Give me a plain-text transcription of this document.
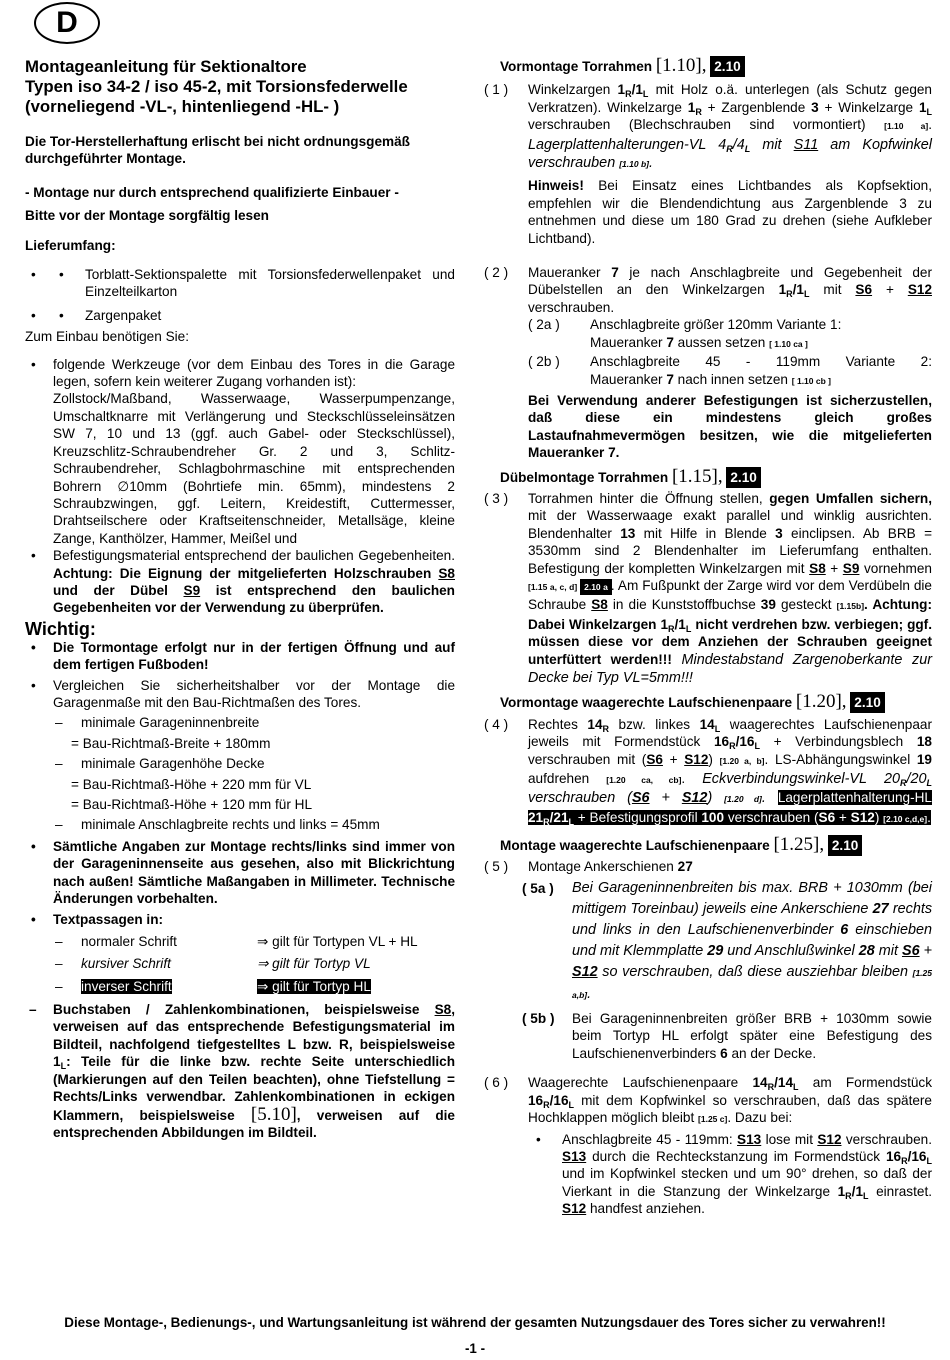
D
Montageanleitung für Sektionaltore
Typen iso 34-2 / iso 45-2, mit Torsionsfederwelle
(vorneliegend -VL-, hintenliegend -HL- )
Die Tor-Herstellerhaftung erlischt bei nicht ordnungsgemäß durchgeführter Montage.
- Montage nur durch entsprechend qualifizierte Einbauer -
Bitte vor der Montage sorgfältig lesen
Lieferumfang:
• • Torblatt-Sektionspalette mit Torsionsfederwellenpaket und Einzelteilkarton
• • Zargenpaket
Zum Einbau benötigen Sie:
• folgende Werkzeuge (vor dem Einbau des Tores in die Garage legen, sofern kein weiterer Zugang vorhanden ist):
Zollstock/Maßband, Wasserwaage, Wasserpumpenzange, Umschaltknarre mit Verlängerung und Steckschlüsseleinsätzen SW 7, 10 und 13 (ggf. auch Gabel- oder Steckschlüssel), Kreuzschlitz-Schraubendreher Gr. 2 und 3, Schlitz-Schraubendreher, Schlagbohrmaschine mit entsprechenden Bohrern ∅10mm (Bohrtiefe min. 65mm), mindestens 2 Schraubzwingen, ggf. Leitern, Kreidestift, Cuttermesser, Drahtseilschere oder Kraftseitenschneider, Metallsäge, kleine Zange, Kanthölzer, Hammer, Meißel und
• Befestigungsmaterial entsprechend der baulichen Gegebenheiten. Achtung: Die Eignung der mitgelieferten Holzschrauben S8 und der Dübel S9 ist entsprechend den baulichen Gegebenheiten vor der Verwendung zu überprüfen.
Wichtig:
• Die Tormontage erfolgt nur in der fertigen Öffnung und auf dem fertigen Fußboden!
• Vergleichen Sie sicherheitshalber vor der Montage die Garagenmaße mit den Bau-Richtmaßen des Tores.
– minimale Garageninnenbreite
= Bau-Richtmaß-Breite + 180mm
– minimale Garagenhöhe Decke
= Bau-Richtmaß-Höhe + 220 mm für VL
= Bau-Richtmaß-Höhe + 120 mm für HL
– minimale Anschlagbreite rechts und links = 45mm
• Sämtliche Angaben zur Montage rechts/links sind immer von der Garageninnenseite aus gesehen, also mit Blickrichtung nach außen! Sämtliche Maßangaben in Millimeter. Technische Änderungen vorbehalten.
• Textpassagen in:
– normaler Schrift	⇒ gilt für Tortypen VL + HL
– kursiver Schrift	⇒ gilt für Tortyp VL
– inverser Schrift	⇒ gilt für Tortyp HL
– Buchstaben / Zahlenkombinationen, beispielsweise S8, verweisen auf das entsprechende Befestigungsmaterial im Bildteil, nachfolgend tiefgestelltes L bzw. R, beispielsweise $1_L$: Teile für die linke bzw. rechte Seite unterschiedlich (Markierungen auf den Teilen beachten), ohne Tiefstellung = Rechts/Links verwendbar. Zahlenkombinationen in eckigen Klammern, beispielsweise [5.10], verweisen auf die entsprechenden Abbildungen im Bildteil.
Vormontage Torrahmen [1.10], 2.10
( 1 ) Winkelzargen $1_R/1_L$ mit Holz o.ä. unterlegen (als Schutz gegen Verkratzen). Winkelzarge $1_R$ + Zargenblende 3 + Winkelzarge $1_L$ verschrauben (Blechschrauben sind vormontiert) [1.10 a]. Lagerplattenhalterungen-VL $4_R/4_L$ mit S11 am Kopfwinkel verschrauben [1.10 b].
Hinweis! Bei Einsatz eines Lichtbandes als Kopfsektion, empfehlen wir die Blendendichtung aus Zargenblende 3 zu entnehmen und diese um 180 Grad zu drehen (siehe Aufkleber Lichtband).
( 2 ) Maueranker 7 je nach Anschlagbreite und Gegebenheit der Dübelstellen an den Winkelzargen $1_R/1_L$ mit S6 + S12 verschrauben.
( 2a ) Anschlagbreite größer 120mm Variante 1:
Maueranker 7 aussen setzen [ 1.10 ca ]
( 2b ) Anschlagbreite 45 - 119mm Variante 2:
Maueranker 7 nach innen setzen [ 1.10 cb ]
Bei Verwendung anderer Befestigungen ist sicherzustellen, daß diese ein mindestens gleich großes Lastaufnahmevermögen besitzen, wie die mitgelieferten Maueranker 7.
Dübelmontage Torrahmen [1.15], 2.10
( 3 ) Torrahmen hinter die Öffnung stellen, gegen Umfallen sichern, mit der Wasserwaage exakt parallel und winklig ausrichten. Blendenhalter 13 mit Hilfe in Blende 3 einclipsen. Ab BRB = 3530mm sind 2 Blendenhalter im Lieferumfang enthalten. Befestigung der kompletten Winkelzargen mit S8 + S9 vornehmen [1.15 a, c, d] 2.10 a . Am Fußpunkt der Zarge wird vor dem Verdübeln die Schraube S8 in die Kunststoffbuchse 39 gesteckt [1.15b]. Achtung: Dabei Winkelzargen $1_R/1_L$ nicht verdrehen bzw. verbiegen; ggf. müssen diese vor dem Anziehen der Schrauben geeignet unterfüttert werden!!! Mindestabstand Zargenoberkante zur Decke bei Typ VL=5mm!!!
Vormontage waagerechte Laufschienenpaare [1.20], 2.10
( 4 ) Rechtes $14_R$ bzw. linkes $14_L$ waagerechtes Laufschienenpaar jeweils mit Formendstück $16_R/16_L$ + Verbindungsblech 18 verschrauben mit (S6 + S12) [1.20 a, b]. LS-Abhängungswinkel 19 aufdrehen [1.20 ca, cb]. Eckverbindungswinkel-VL $20_R/20_L$ verschrauben (S6 + S12) [1.20 d]. Lagerplattenhalterung-HL $21_R/21_L$ + Befestigungsprofil 100 verschrauben (S6 + S12) [2.10 c,d,e].
Montage waagerechte Laufschienenpaare [1.25], 2.10
( 5 ) Montage Ankerschienen 27
( 5a ) Bei Garageninnenbreiten bis max. BRB + 1030mm (bei mittigem Toreinbau) jeweils eine Ankerschiene 27 rechts und links in den Laufschienenverbinder 6 einschieben und mit Klemmplatte 29 und Anschlußwinkel 28 mit S6 + S12 so verschrauben, daß diese ausziehbar bleiben [1.25 a,b].
( 5b ) Bei Garageninnenbreiten größer BRB + 1030mm sowie beim Tortyp HL erfolgt später eine Befestigung des Laufschienenverbinders 6 an der Decke.
( 6 ) Waagerechte Laufschienenpaare $14_R/14_L$ am Formendstück $16_R/16_L$ mit dem Kopfwinkel so verschrauben, daß das spätere Hochklappen möglich bleibt [1.25 c]. Dazu bei:
• Anschlagbreite 45 - 119mm: S13 lose mit S12 verschrauben. S13 durch die Rechteckstanzung im Formendstück $16_R/16_L$ und im Kopfwinkel stecken und um 90° drehen, so daß der Vierkant in die Stanzung der Winkelzarge $1_R/1_L$ einrastet. S12 handfest anziehen.
Diese Montage-, Bedienungs-, und Wartungsanleitung ist während der gesamten Nutzungsdauer des Tores sicher zu verwahren!!
-1 -
